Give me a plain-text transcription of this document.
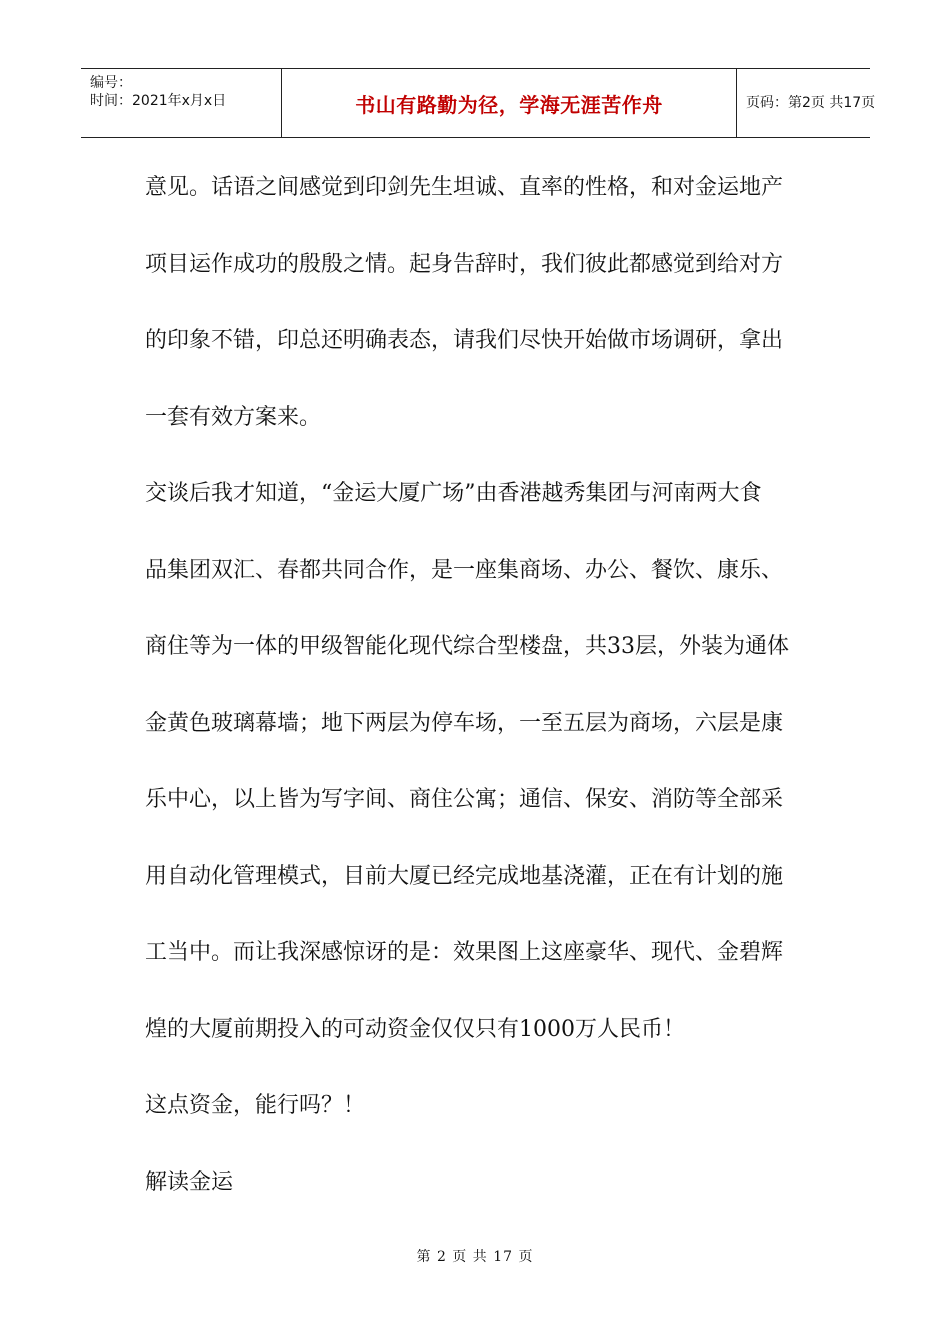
编号：
时间：2021年x月x日	书山有路勤为径，学海无涯苦作舟	页码：第2页 共17页
意见。话语之间感觉到印剑先生坦诚、直率的性格，和对金运地产
项目运作成功的殷殷之情。起身告辞时，我们彼此都感觉到给对方
的印象不错，印总还明确表态，请我们尽快开始做市场调研，拿出
一套有效方案来。
交谈后我才知道，“金运大厦广场”由香港越秀集团与河南两大食
品集团双汇、春都共同合作，是一座集商场、办公、餐饮、康乐、
商住等为一体的甲级智能化现代综合型楼盘，共33层，外装为通体
金黄色玻璃幕墙；地下两层为停车场，一至五层为商场，六层是康
乐中心，以上皆为写字间、商住公寓；通信、保安、消防等全部采
用自动化管理模式，目前大厦已经完成地基浇灌，正在有计划的施
工当中。而让我深感惊讶的是：效果图上这座豪华、现代、金碧辉
煌的大厦前期投入的可动资金仅仅只有1000万人民币！
这点资金，能行吗？！
解读金运
第 2 页 共 17 页
